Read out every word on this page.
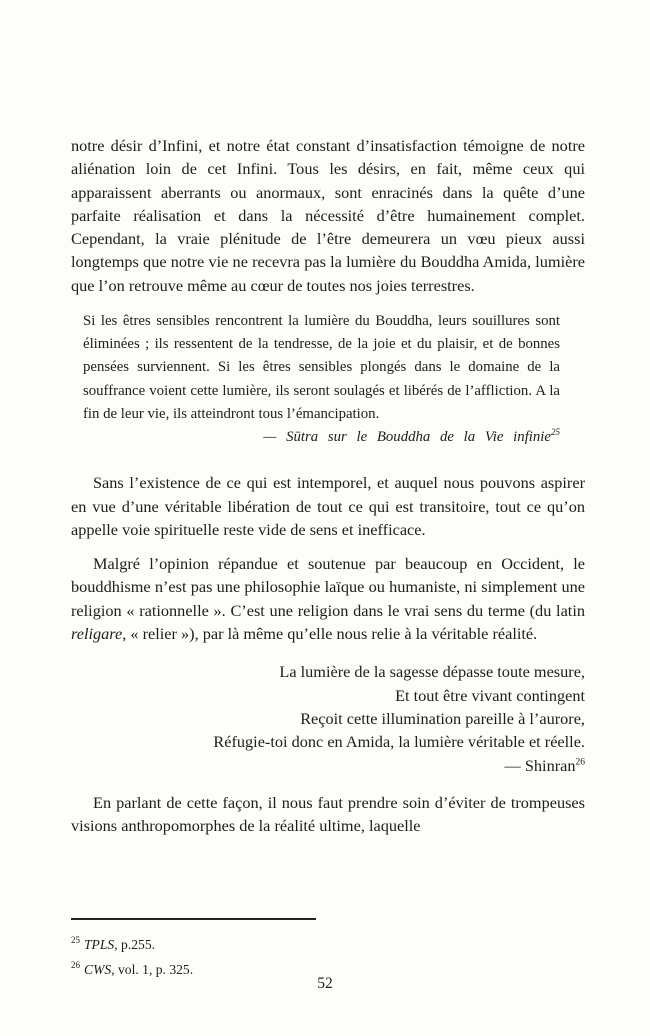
notre désir d’Infini, et notre état constant d’insatisfaction témoigne de notre aliénation loin de cet Infini. Tous les désirs, en fait, même ceux qui apparaissent aberrants ou anormaux, sont enracinés dans la quête d’une parfaite réalisation et dans la nécessité d’être humainement complet. Cependant, la vraie plénitude de l’être demeurera un vœu pieux aussi longtemps que notre vie ne recevra pas la lumière du Bouddha Amida, lumière que l’on retrouve même au cœur de toutes nos joies terrestres.

Si les êtres sensibles rencontrent la lumière du Bouddha, leurs souillures sont éliminées ; ils ressentent de la tendresse, de la joie et du plaisir, et de bonnes pensées surviennent. Si les êtres sensibles plongés dans le domaine de la souffrance voient cette lumière, ils seront soulagés et libérés de l’affliction. A la fin de leur vie, ils atteindront tous l’émancipation.

— Sūtra sur le Bouddha de la Vie infinie$^{25}$

Sans l’existence de ce qui est intemporel, et auquel nous pouvons aspirer en vue d’une véritable libération de tout ce qui est transitoire, tout ce qu’on appelle voie spirituelle reste vide de sens et inefficace.

Malgré l’opinion répandue et soutenue par beaucoup en Occident, le bouddhisme n’est pas une philosophie laïque ou humaniste, ni simplement une religion « rationnelle ». C’est une religion dans le vrai sens du terme (du latin religare, « relier »), par là même qu’elle nous relie à la véritable réalité.

La lumière de la sagesse dépasse toute mesure,
Et tout être vivant contingent
Reçoit cette illumination pareille à l’aurore,
Réfugie-toi donc en Amida, la lumière véritable et réelle.
— Shinran$^{26}$

En parlant de cette façon, il nous faut prendre soin d’éviter de trompeuses visions anthropomorphes de la réalité ultime, laquelle

$^{25}$ TPLS, p.255.
$^{26}$ CWS, vol. 1, p. 325.
52
